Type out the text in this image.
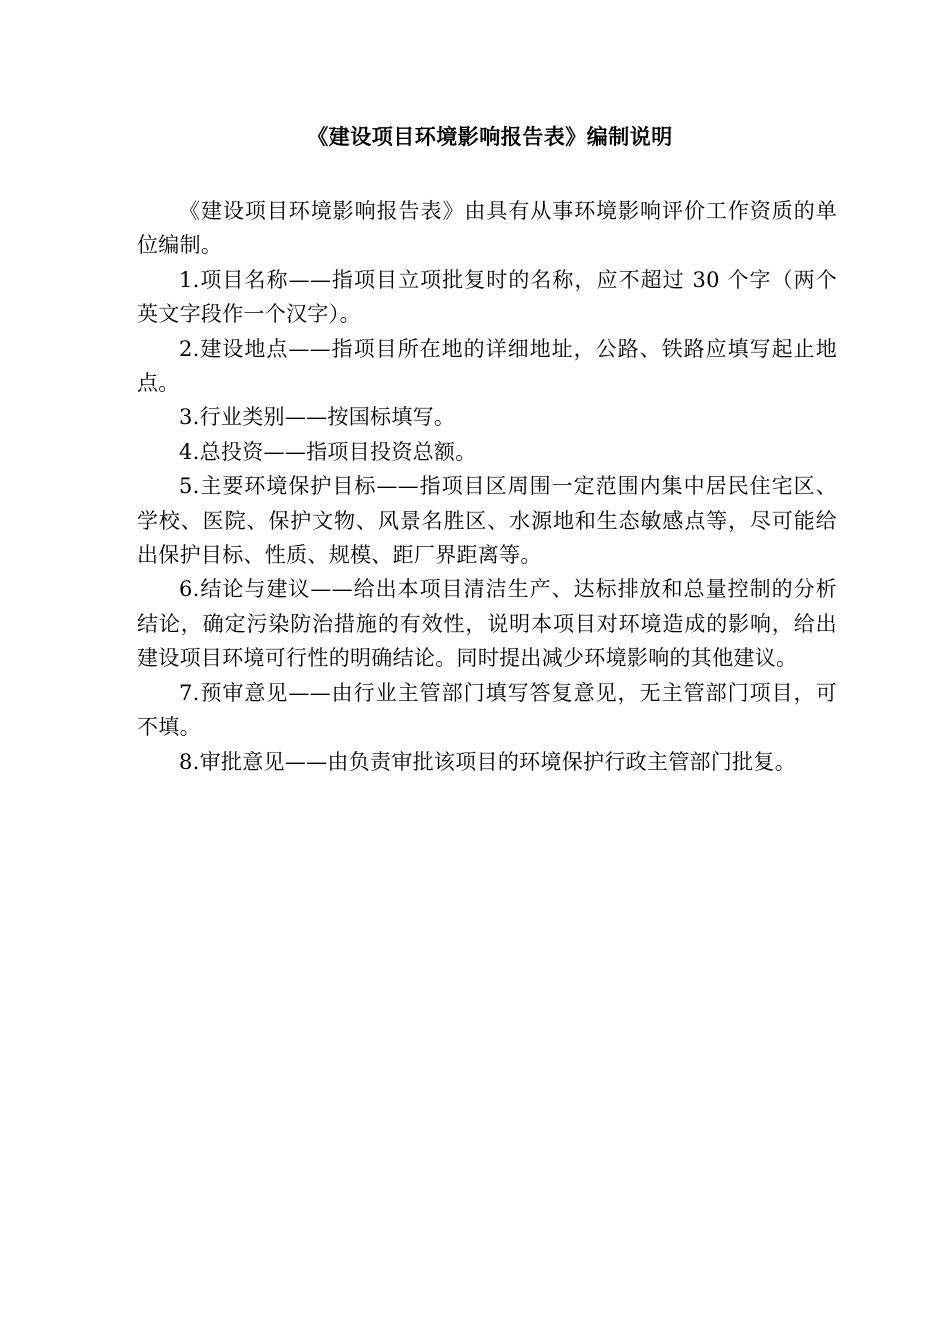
《建设项目环境影响报告表》编制说明

《建设项目环境影响报告表》由具有从事环境影响评价工作资质的单位编制。

1.项目名称——指项目立项批复时的名称，应不超过 30 个字（两个英文字段作一个汉字）。

2.建设地点——指项目所在地的详细地址，公路、铁路应填写起止地点。

3.行业类别——按国标填写。

4.总投资——指项目投资总额。

5.主要环境保护目标——指项目区周围一定范围内集中居民住宅区、学校、医院、保护文物、风景名胜区、水源地和生态敏感点等，尽可能给出保护目标、性质、规模、距厂界距离等。

6.结论与建议——给出本项目清洁生产、达标排放和总量控制的分析结论，确定污染防治措施的有效性，说明本项目对环境造成的影响，给出建设项目环境可行性的明确结论。同时提出减少环境影响的其他建议。

7.预审意见——由行业主管部门填写答复意见，无主管部门项目，可不填。

8.审批意见——由负责审批该项目的环境保护行政主管部门批复。
